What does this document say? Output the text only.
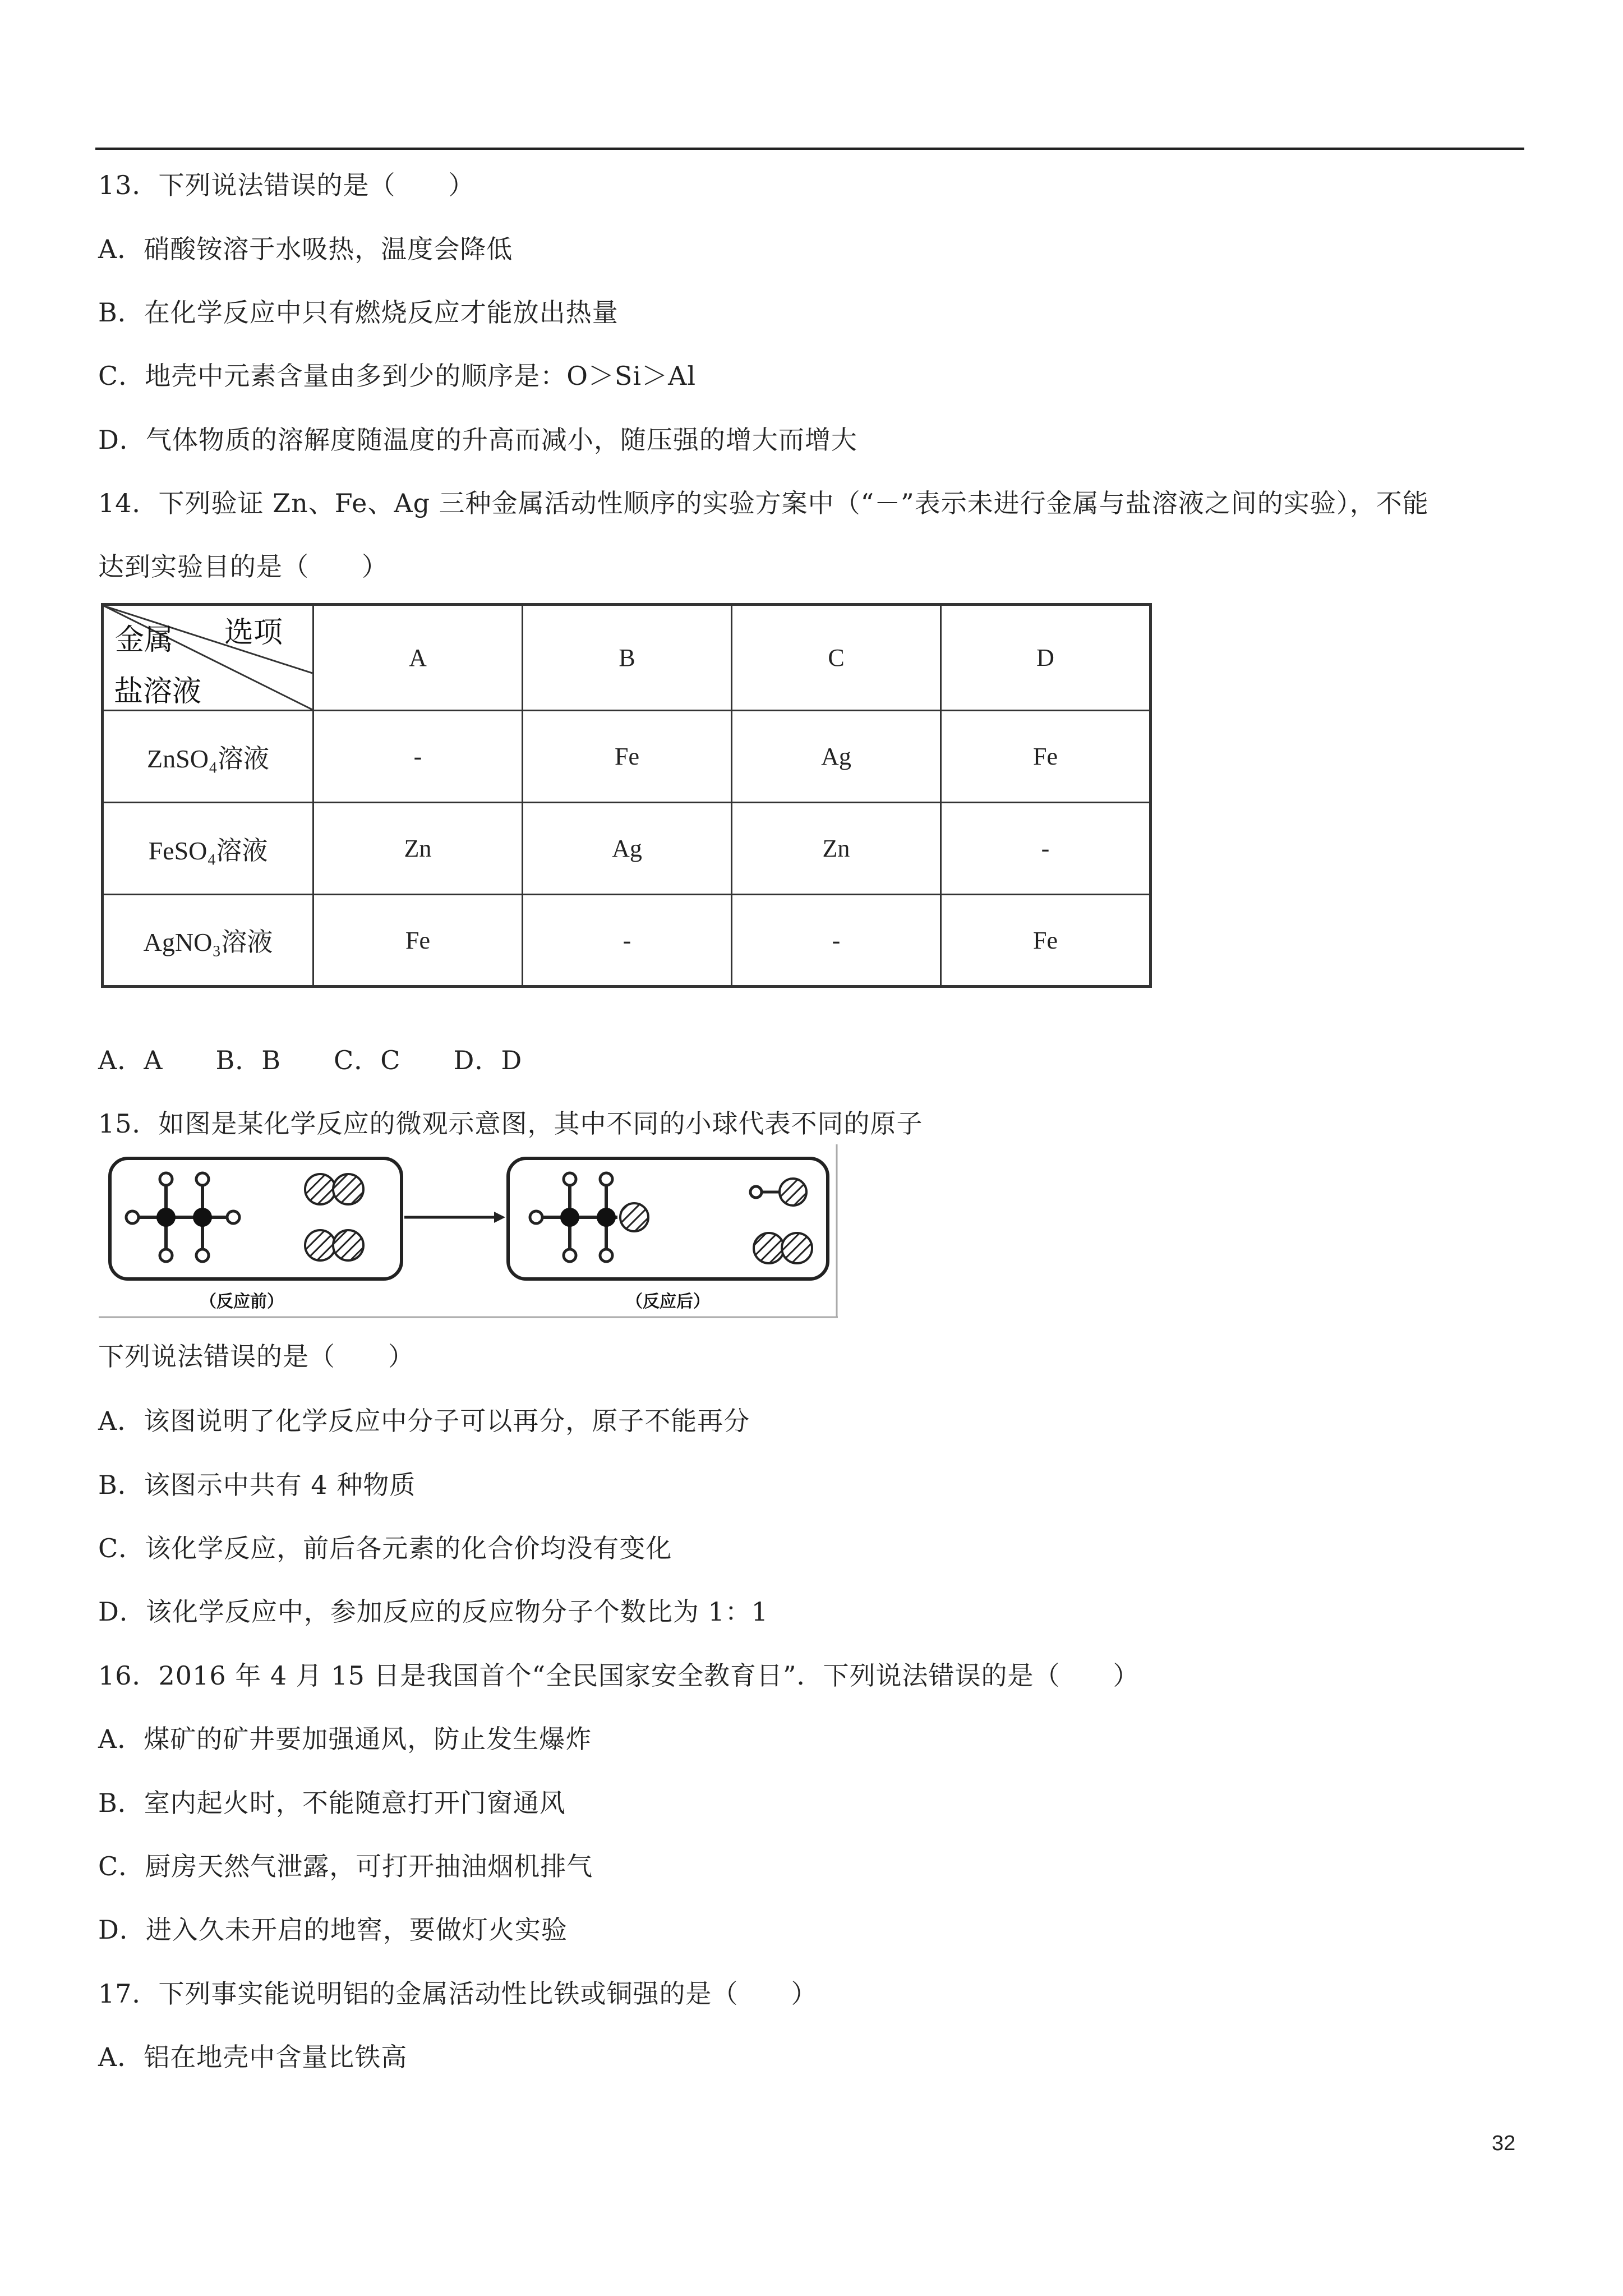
13．下列说法错误的是（　　）
A．硝酸铵溶于水吸热，温度会降低
B．在化学反应中只有燃烧反应才能放出热量
C．地壳中元素含量由多到少的顺序是：O＞Si＞Al
D．气体物质的溶解度随温度的升高而减小，随压强的增大而增大
14．下列验证 Zn、Fe、Ag 三种金属活动性顺序的实验方案中（“－”表示未进行金属与盐溶液之间的实验），不能
达到实验目的是（　　）
金属 选项
盐溶液	A	B	C	D
ZnSO₄溶液	-	Fe	Ag	Fe
FeSO₄溶液	Zn	Ag	Zn	-
AgNO₃溶液	Fe	-	-	Fe
A．A　　B．B　　C．C　　D．D
15．如图是某化学反应的微观示意图，其中不同的小球代表不同的原子
（反应前）	（反应后）
下列说法错误的是（　　）
A．该图说明了化学反应中分子可以再分，原子不能再分
B．该图示中共有 4 种物质
C．该化学反应，前后各元素的化合价均没有变化
D．该化学反应中，参加反应的反应物分子个数比为 1：1
16．2016 年 4 月 15 日是我国首个“全民国家安全教育日”．下列说法错误的是（　　）
A．煤矿的矿井要加强通风，防止发生爆炸
B．室内起火时，不能随意打开门窗通风
C．厨房天然气泄露，可打开抽油烟机排气
D．进入久未开启的地窖，要做灯火实验
17．下列事实能说明铝的金属活动性比铁或铜强的是（　　）
A．铝在地壳中含量比铁高
32
